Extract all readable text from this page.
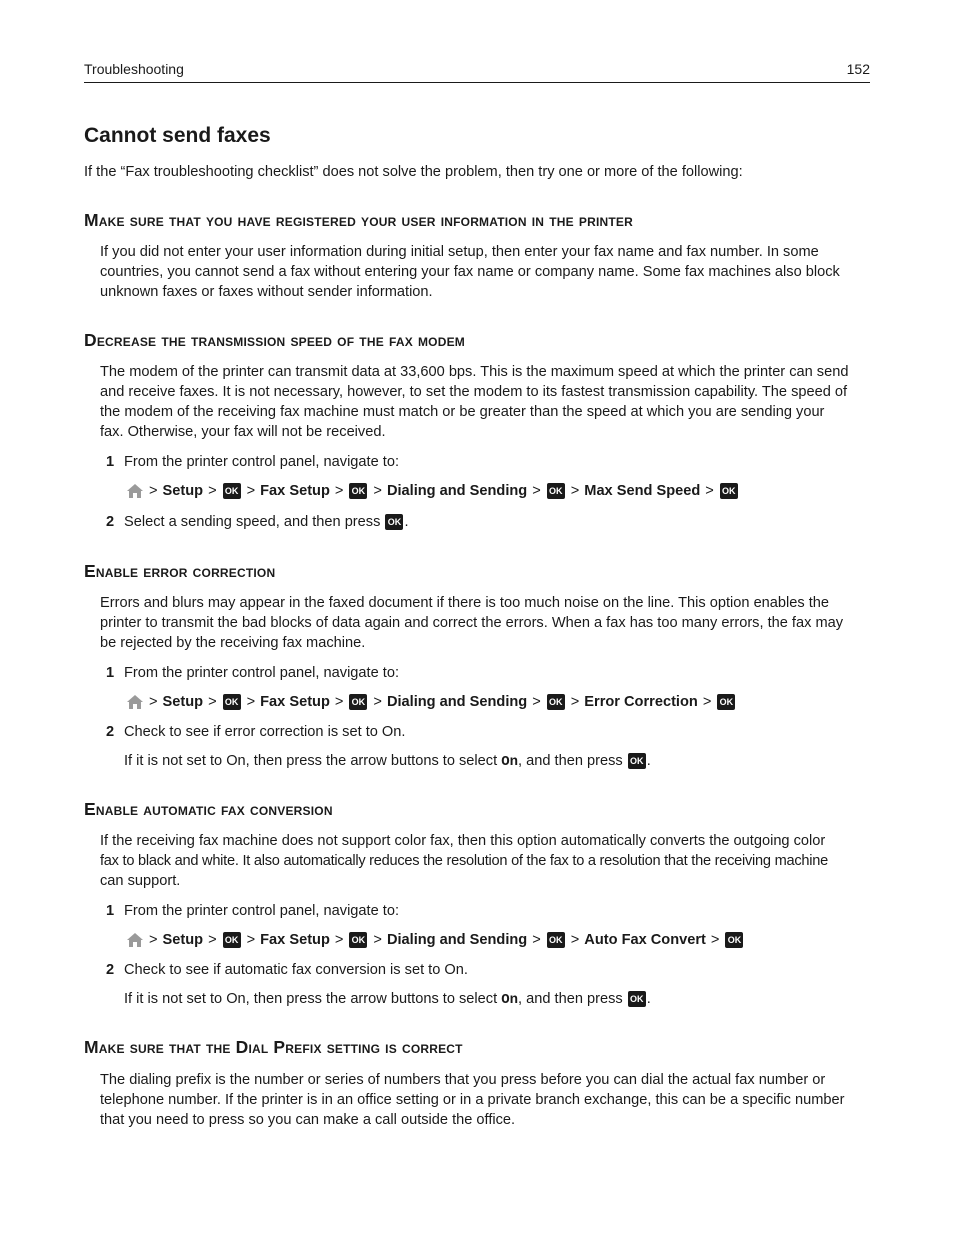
Troubleshooting	152
Cannot send faxes

If the “Fax troubleshooting checklist” does not solve the problem, then try one or more of the following:

Make sure that you have registered your user information in the printer
If you did not enter your user information during initial setup, then enter your fax name and fax number. In some
countries, you cannot send a fax without entering your fax name or company name. Some fax machines also block
unknown faxes or faxes without sender information.
Decrease the transmission speed of the fax modem
The modem of the printer can transmit data at 33,600 bps. This is the maximum speed at which the printer can send
and receive faxes. It is not necessary, however, to set the modem to its fastest transmission capability. The speed of
the modem of the receiving fax machine must match or be greater than the speed at which you are sending your
fax. Otherwise, your fax will not be received.
1 From the printer control panel, navigate to:
> Setup > OK > Fax Setup > OK > Dialing and Sending > OK > Max Send Speed > OK
2 Select a sending speed, and then press OK .
Enable error correction
Errors and blurs may appear in the faxed document if there is too much noise on the line. This option enables the
printer to transmit the bad blocks of data again and correct the errors. When a fax has too many errors, the fax may
be rejected by the receiving fax machine.
1 From the printer control panel, navigate to:
> Setup > OK > Fax Setup > OK > Dialing and Sending > OK > Error Correction > OK
2 Check to see if error correction is set to On.
If it is not set to On, then press the arrow buttons to select On, and then press OK .
Enable automatic fax conversion
If the receiving fax machine does not support color fax, then this option automatically converts the outgoing color
fax to black and white. It also automatically reduces the resolution of the fax to a resolution that the receiving machine
can support.
1 From the printer control panel, navigate to:
> Setup > OK > Fax Setup > OK > Dialing and Sending > OK > Auto Fax Convert > OK
2 Check to see if automatic fax conversion is set to On.
If it is not set to On, then press the arrow buttons to select On, and then press OK .
Make sure that the Dial Prefix setting is correct
The dialing prefix is the number or series of numbers that you press before you can dial the actual fax number or
telephone number. If the printer is in an office setting or in a private branch exchange, this can be a specific number
that you need to press so you can make a call outside the office.
